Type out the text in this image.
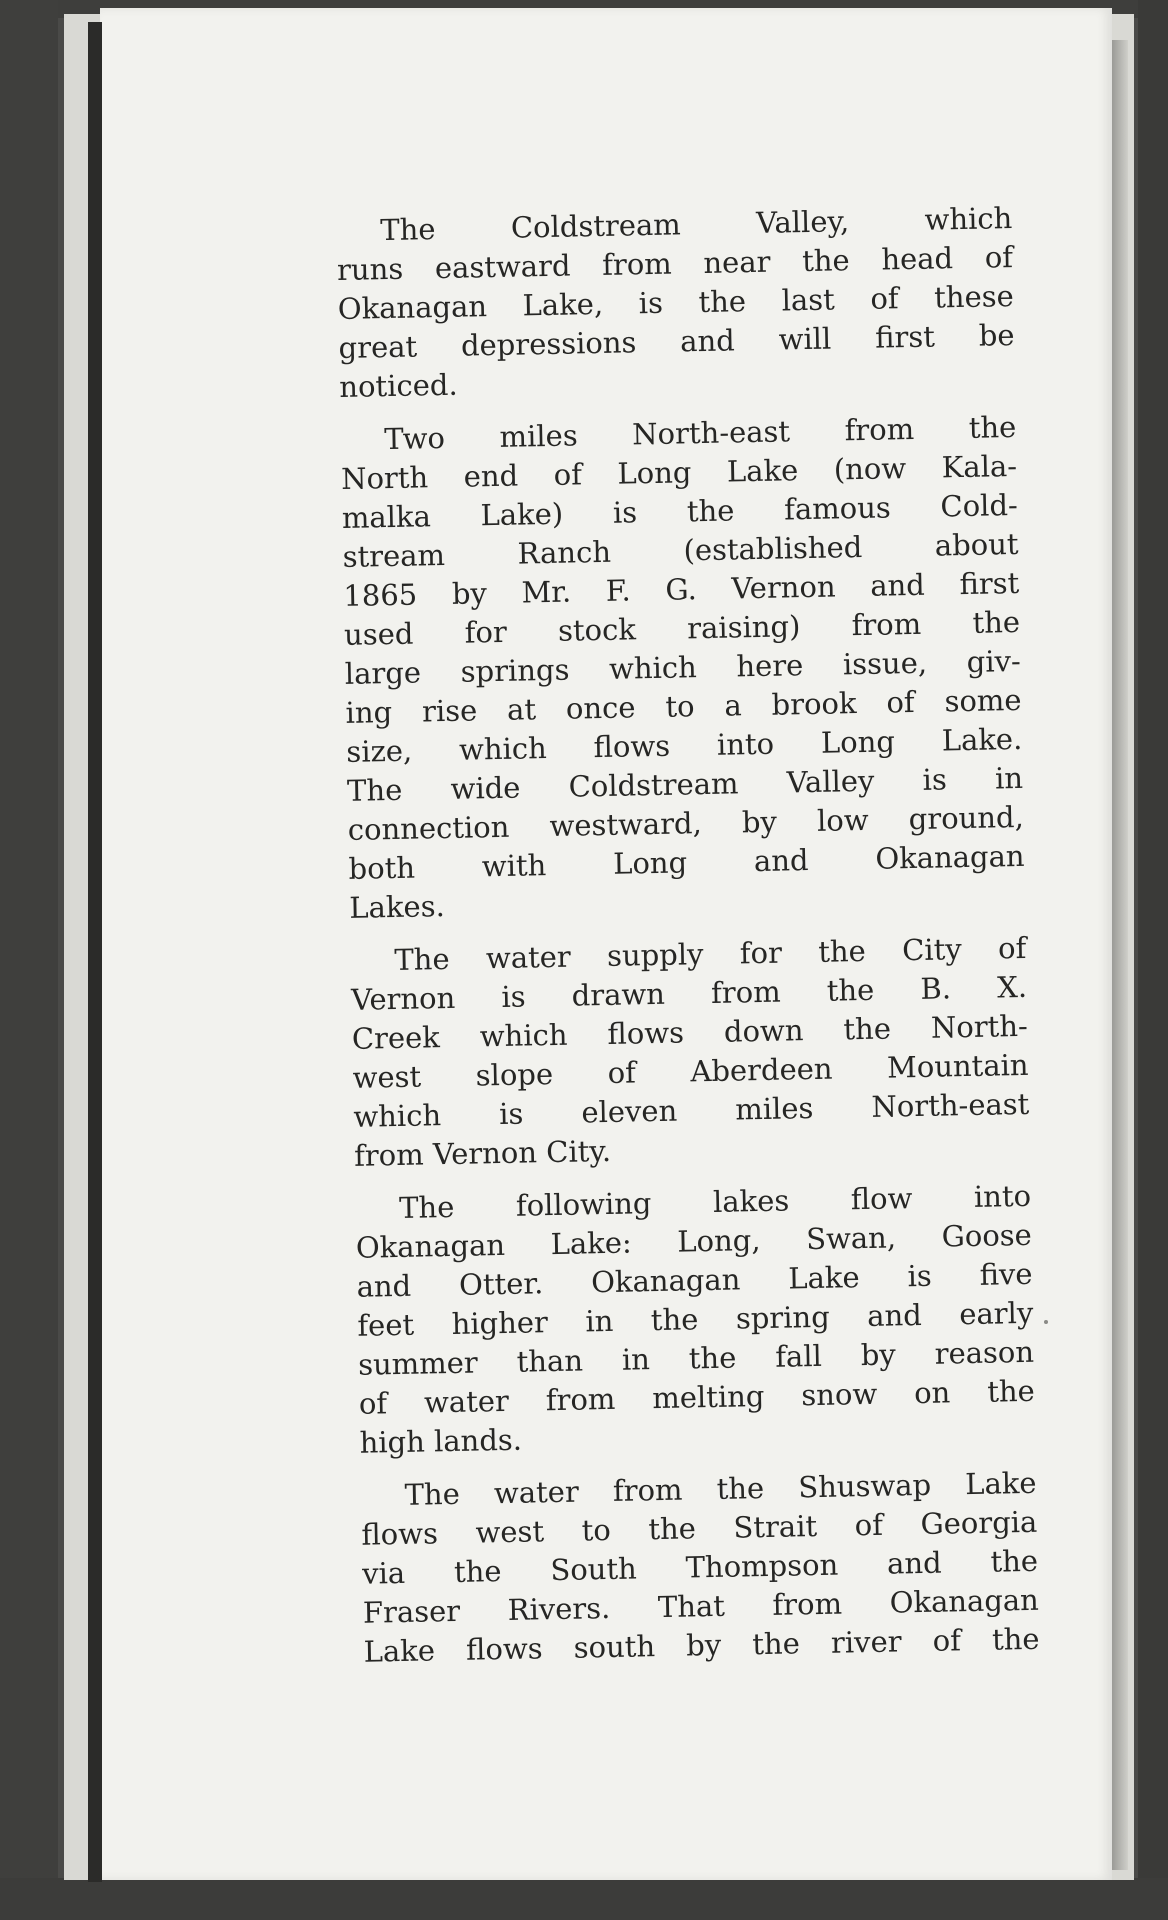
The Coldstream Valley, which
runs eastward from near the head of
Okanagan Lake, is the last of these
great depressions and will first be
noticed.
Two miles North-east from the
North end of Long Lake (now Kala-
malka Lake) is the famous Cold-
stream Ranch (established about
1865 by Mr. F. G. Vernon and first
used for stock raising) from the
large springs which here issue, giv-
ing rise at once to a brook of some
size, which flows into Long Lake.
The wide Coldstream Valley is in
connection westward, by low ground,
both with Long and Okanagan
Lakes.
The water supply for the City of
Vernon is drawn from the B. X.
Creek which flows down the North-
west slope of Aberdeen Mountain
which is eleven miles North-east
from Vernon City.
The following lakes flow into
Okanagan Lake: Long, Swan, Goose
and Otter. Okanagan Lake is five
feet higher in the spring and early
summer than in the fall by reason
of water from melting snow on the
high lands.
The water from the Shuswap Lake
flows west to the Strait of Georgia
via the South Thompson and the
Fraser Rivers. That from Okanagan
Lake flows south by the river of the
